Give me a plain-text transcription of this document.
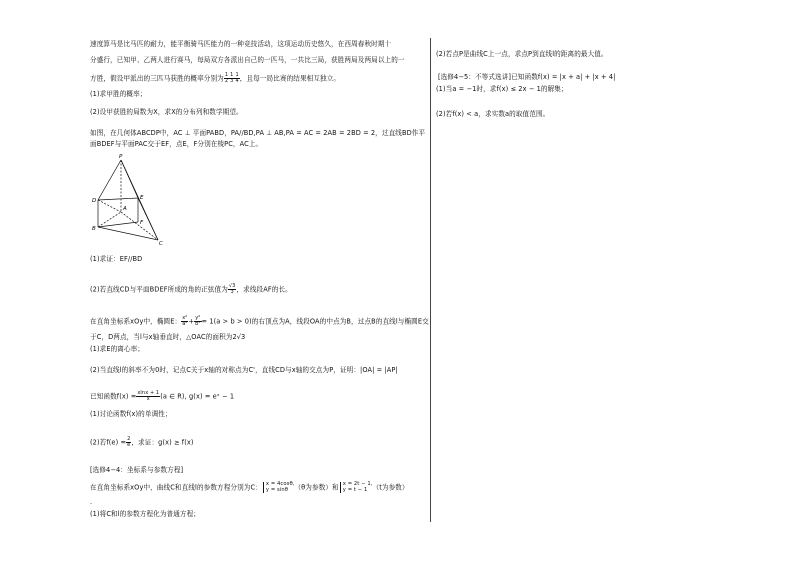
速度算马是比马匹的耐力，能平衡骑马匹能力的一种竞技活动，这项运动历史悠久，在西周春秋时期十
分盛行，已知甲、乙两人进行赛马，每局双方各派出自己的一匹马，一共比三局，获胜两局及两局以上的一
方胜，假设甲派出的三匹马获胜的概率分别为 $\frac{1}{2} \frac{1}{3} \frac{1}{4}$ ，且每一局比赛的结果相互独立。
(1)求甲胜的概率；
(2)设甲获胜的局数为X，求X的分布列和数学期望。
如图，在几何体ABCDP中，AC ⊥ 平面PABD，PA//BD,PA ⊥ AB,PA = AC = 2AB = 2BD = 2，过直线BD作平
面BDEF与平面PAC交于EF，点E，F分别在棱PC，AC上。
P
D	E
A
B
F
C
(1)求证：EF//BD
(2)若直线CD与平面BDEF所成的角的正弦值为 $\frac{√3}{3}$ ，求线段AF的长。
在直角坐标系xOy中，椭圆E： $\frac{\text{x²}}{\text{a²}} + \frac{\text{y²}}{\text{b²}} = 1(a > b > 0)$的右顶点为A，线段OA的中点为B，过点B的直线l与椭圆E交
于C，D两点，当l与x轴垂直时，△OAC的面积为2√3
(1)求E的离心率；
(2)当直线l的斜率不为0时，记点C关于x轴的对称点为C'，直线CD与x轴的交点为P，证明：|OA| = |AP|
已知函数$f(x) = \frac{xlnx + 1}{x} (a$ ∈ R), g(x) = eˣ − 1
(1)讨论函数f(x)的单调性；
(2)若$f(e) = \frac{2}{e}$ ，求证：g(x) ≥ f(x)
[选修4−4：坐标系与参数方程]
在直角坐标系xOy中，曲线C和直线l的参数方程分别为C： x = 4cosθ,
y = sinθ （θ为参数）和 x = 2t − 1,
y = t − 1 （t为参数）
.
(1)将C和l的参数方程化为普通方程；
(2)若点P是曲线C上一点，求点P到直线l的距离的最大值。
[选修4−5：不等式选讲]已知函数f(x) = |x + a| + |x + 4|
(1)当a = −1时，求f(x) ≤ 2x − 1的解集；
(2)若f(x) < a，求实数a的取值范围。
